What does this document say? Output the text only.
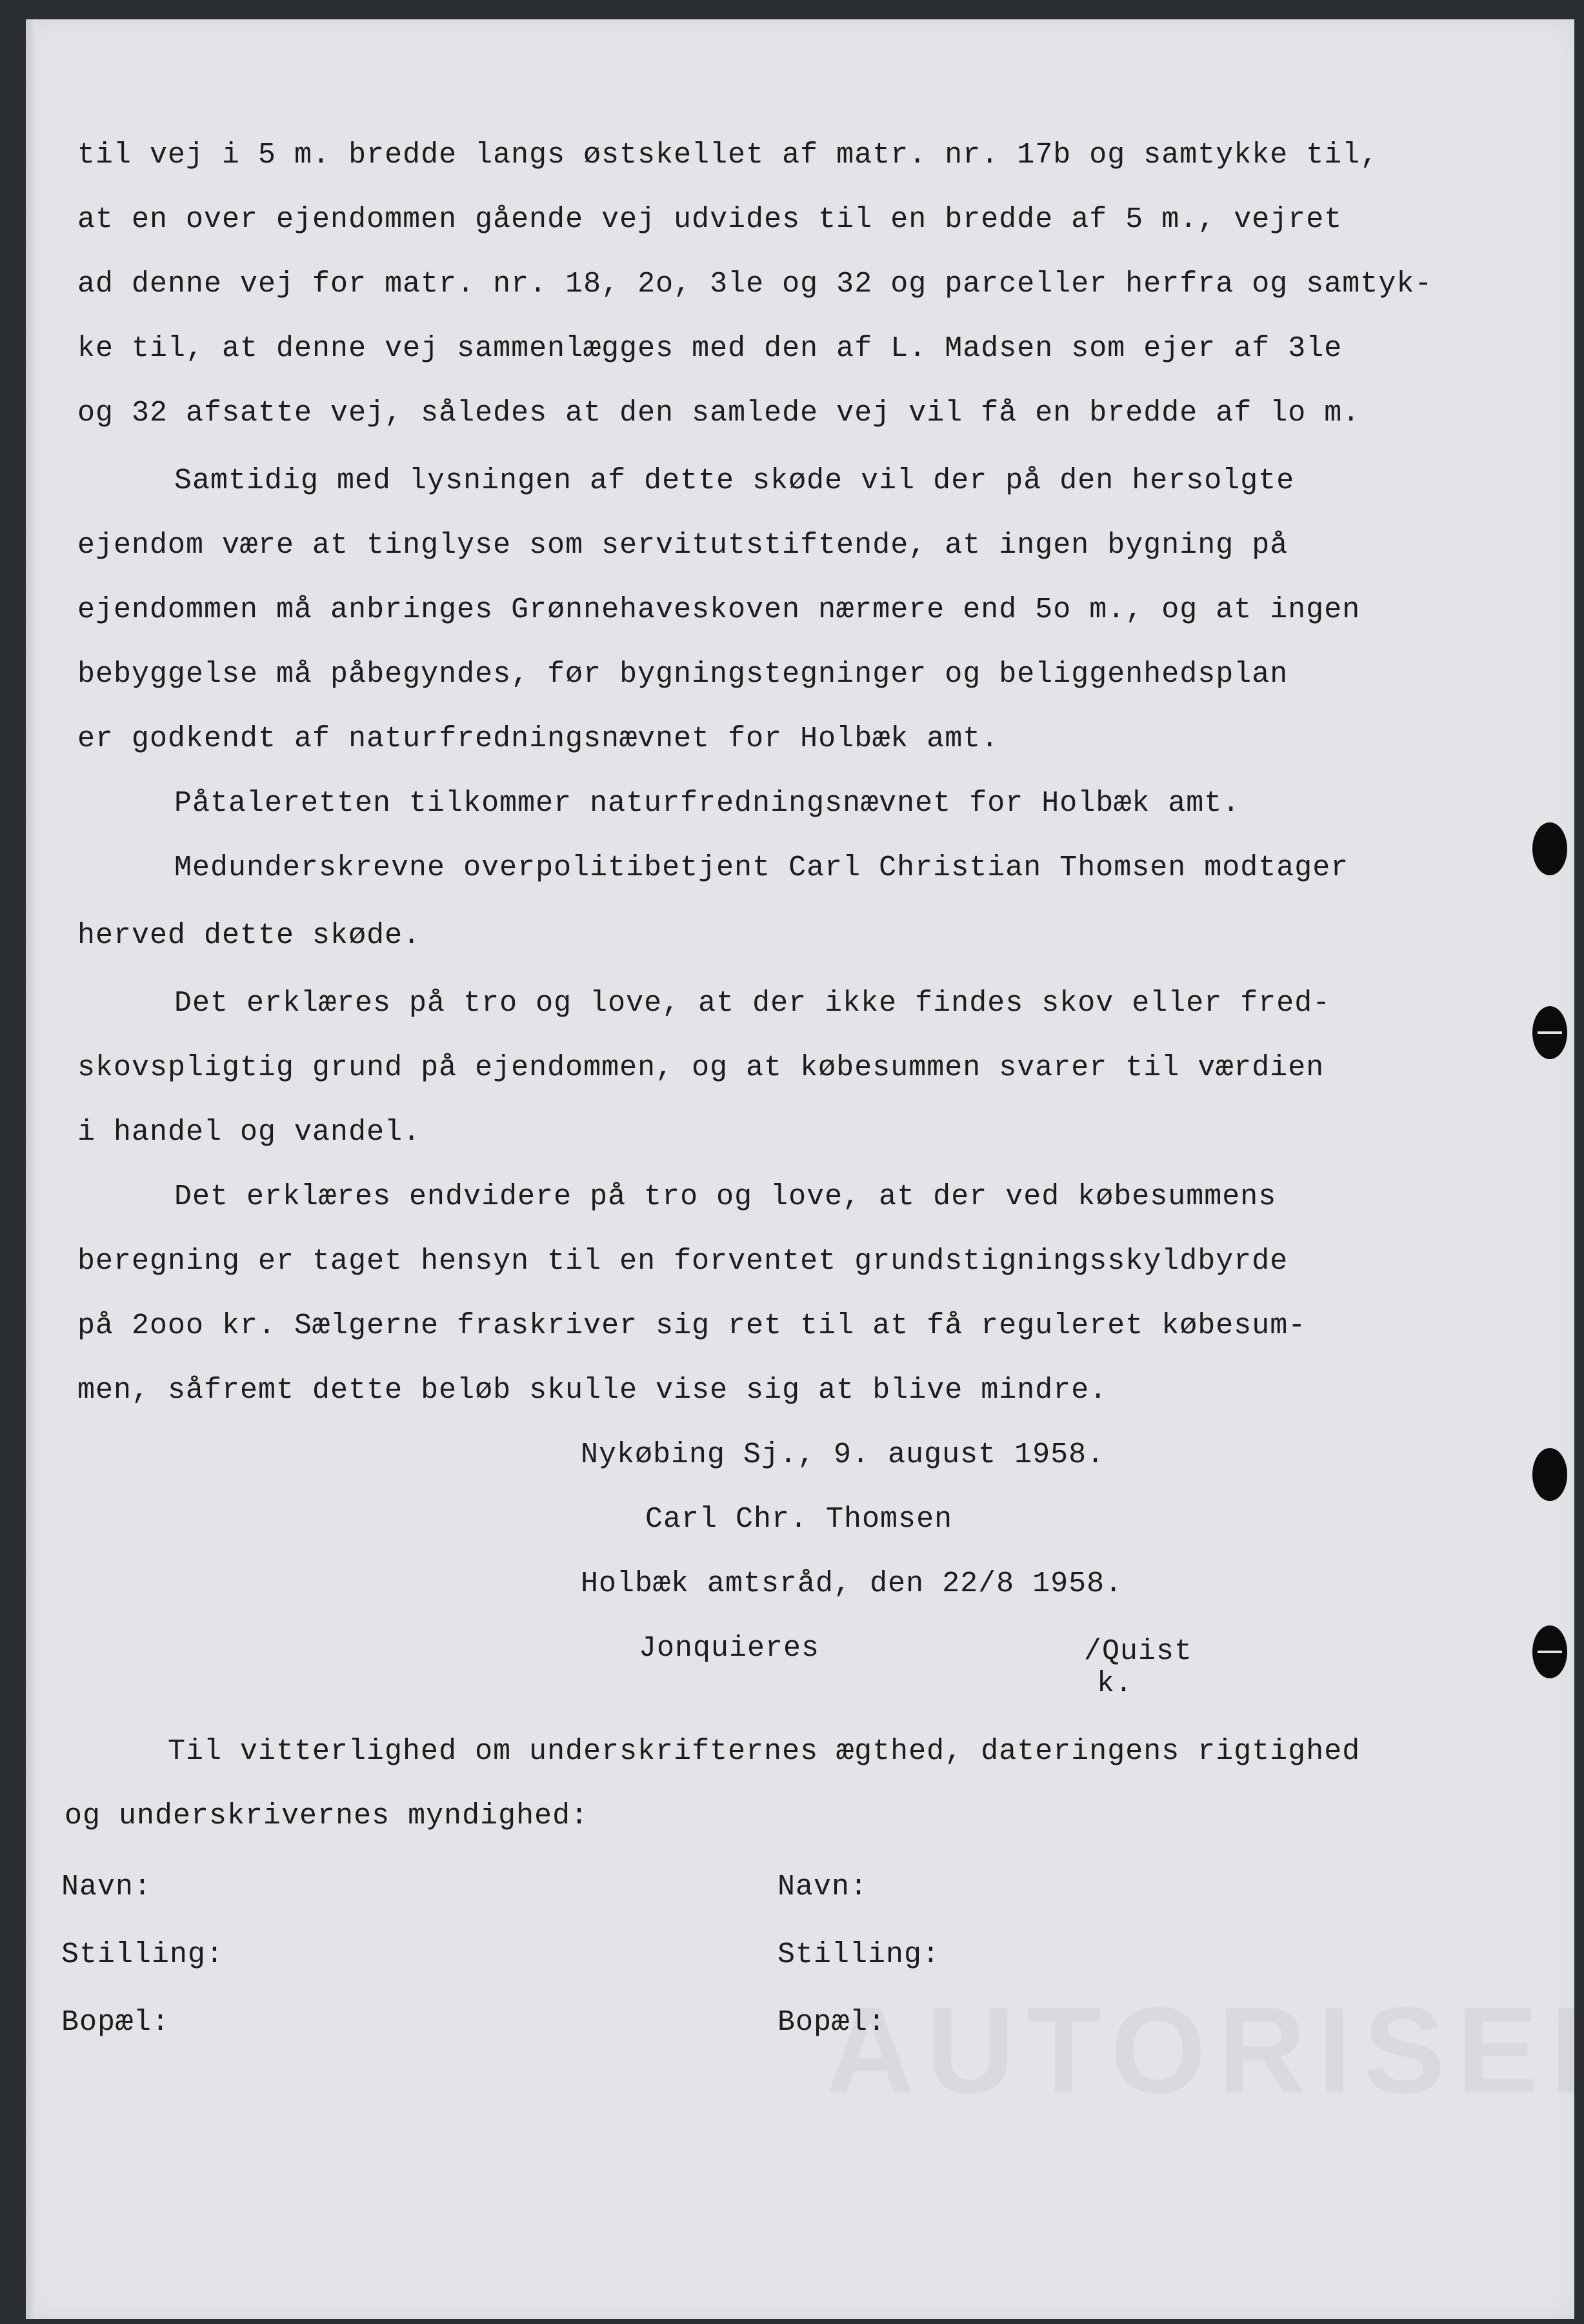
til vej i 5 m. bredde langs østskellet af matr. nr. 17b og samtykke til,
at en over ejendommen gående vej udvides til en bredde af 5 m., vejret
ad denne vej for matr. nr. 18, 2o, 3le og 32 og parceller herfra og samtyk-
ke til, at denne vej sammenlægges med den af L. Madsen som ejer af 3le
og 32 afsatte vej, således at den samlede vej vil få en bredde af lo m.
Samtidig med lysningen af dette skøde vil der på den hersolgte
ejendom være at tinglyse som servitutstiftende, at ingen bygning på
ejendommen må anbringes Grønnehaveskoven nærmere end 5o m., og at ingen
bebyggelse må påbegyndes, før bygningstegninger og beliggenhedsplan
er godkendt af naturfredningsnævnet for Holbæk amt.
Påtaleretten tilkommer naturfredningsnævnet for Holbæk amt.
Medunderskrevne overpolitibetjent Carl Christian Thomsen modtager
herved dette skøde.
Det erklæres på tro og love, at der ikke findes skov eller fred-
skovspligtig grund på ejendommen, og at købesummen svarer til værdien
i handel og vandel.
Det erklæres endvidere på tro og love, at der ved købesummens
beregning er taget hensyn til en forventet grundstigningsskyldbyrde
på 2ooo kr. Sælgerne fraskriver sig ret til at få reguleret købesum-
men, såfremt dette beløb skulle vise sig at blive mindre.
Nykøbing Sj., 9. august 1958.
Carl Chr. Thomsen
Holbæk amtsråd, den 22/8 1958.
Jonquieres	/Quist
k.
Til vitterlighed om underskrifternes ægthed, dateringens rigtighed
og underskrivernes myndighed:
Navn:	Navn:
Stilling:	Stilling:
Bopæl:	Bopæl:
